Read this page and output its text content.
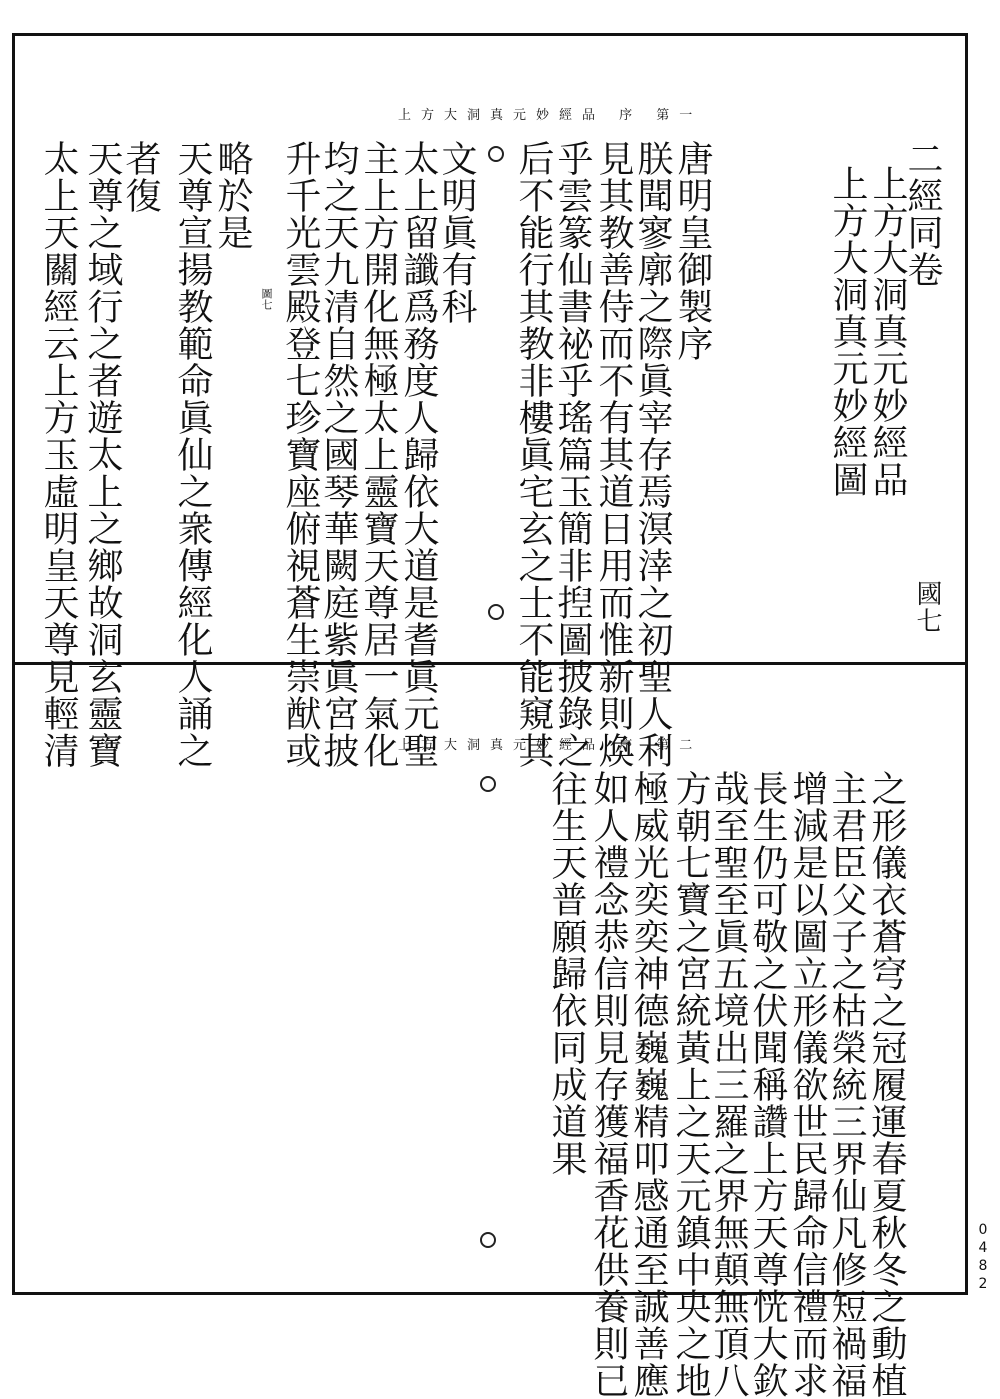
上方大洞真元妙經品 序 第一
二經同卷
上方大洞真元妙經品
上方大洞真元妙經圖
國七
唐明皇御製序
朕聞寥廓之際眞宰存焉溟涬之初聖人利
見其教善侍而不有其道日用而惟新則煥
乎雲篆仙書祕乎瑤篇玉簡非揑圖披錄之
后不能行其教非樓眞宅玄之士不能窺其
文明眞有科
太上留讖爲務度人歸依大道是耆眞元聖
主上方開化無極太上靈寶天尊居一氣化
均之天九清自然之國琴華闕庭紫眞宮披
升千光雲殿登七珍寶座俯視蒼生崇猷或
略於是
天尊宣揚教範命眞仙之衆傳經化人誦之
者復
天尊之域行之者遊太上之鄉故洞玄靈寶
太上天關經云上方玉虛明皇天尊見輕清	圖七
上方大洞真元妙經品 序 第二
之形儀衣蒼穹之冠履運春夏秋冬之動植
主君臣父子之枯榮統三界仙凡修短禍福
增減是以圖立形儀欲世民歸命信禮而求
長生仍可敬之伏聞稱讚上方天尊恍大欽
哉至聖至眞五境出三羅之界無顛無頂八
方朝七寶之宮統黃上之天元鎮中央之地
極威光奕奕神德巍巍精叩感通至誠善應
如人禮念恭信則見存獲福香花供養則已
往生天普願歸依同成道果
0482
